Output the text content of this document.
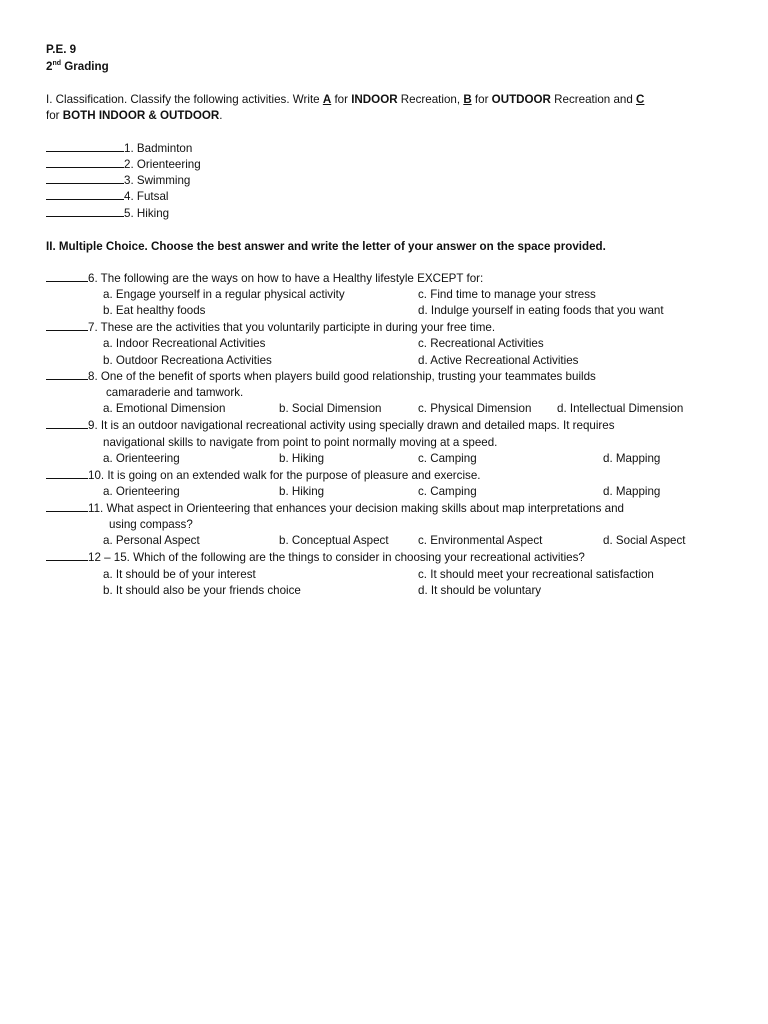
P.E. 9
2nd Grading
I. Classification. Classify the following activities. Write A for INDOOR Recreation, B for OUTDOOR Recreation and C
for BOTH INDOOR & OUTDOOR.
1. Badminton
2. Orienteering
3. Swimming
4. Futsal
5. Hiking
II. Multiple Choice. Choose the best answer and write the letter of your answer on the space provided.
6. The following are the ways on how to have a Healthy lifestyle EXCEPT for:
a. Engage yourself in a regular physical activity	c. Find time to manage your stress
b. Eat healthy foods	d. Indulge yourself in eating foods that you want
7. These are the activities that you voluntarily participte in during your free time.
a. Indoor Recreational Activities	c. Recreational Activities
b. Outdoor Recreationa Activities	d. Active Recreational Activities
8. One of the benefit of sports when players build good relationship, trusting your teammates builds
camaraderie and tamwork.
a. Emotional Dimension	b. Social Dimension	c. Physical Dimension d. Intellectual Dimension
9. It is an outdoor navigational recreational activity using specially drawn and detailed maps. It requires
navigational skills to navigate from point to point normally moving at a speed.
a. Orienteering	b. Hiking	c. Camping	d. Mapping
10. It is going on an extended walk for the purpose of pleasure and exercise.
a. Orienteering	b. Hiking	c. Camping	d. Mapping
11. What aspect in Orienteering that enhances your decision making skills about map interpretations and
using compass?
a. Personal Aspect	b. Conceptual Aspect	c. Environmental Aspect	d. Social Aspect
12 – 15. Which of the following are the things to consider in choosing your recreational activities?
a. It should be of your interest	c. It should meet your recreational satisfaction
b. It should also be your friends choice	d. It should be voluntary
